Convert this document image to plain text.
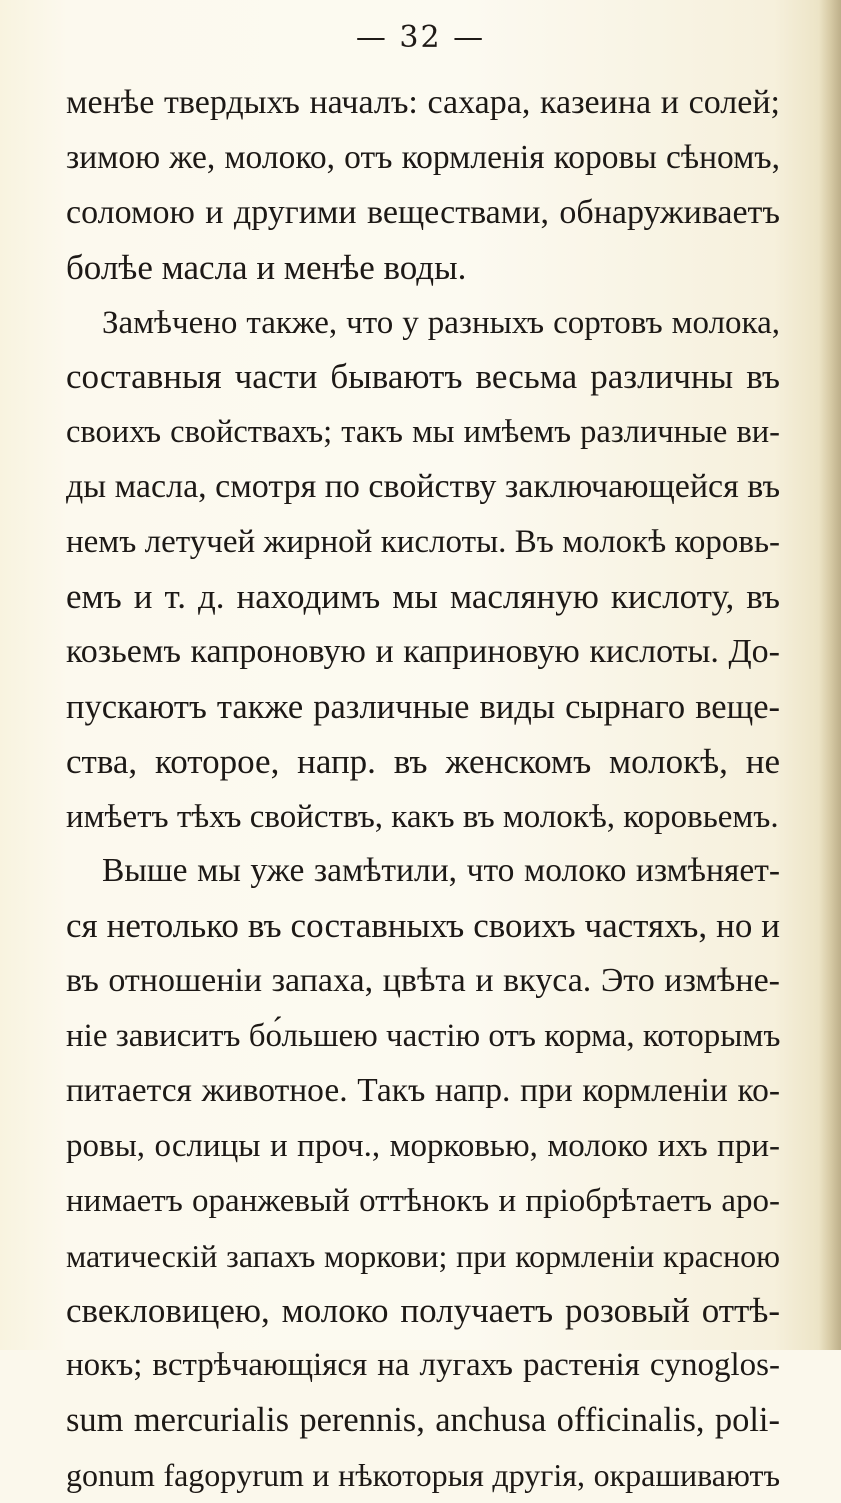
— 32 —
менѣе твердыхъ началъ: сахара, казеина и солей;
зимою же, молоко, отъ кормленія коровы сѣномъ,
соломою и другими веществами, обнаруживаетъ
болѣе масла и менѣе воды.
Замѣчено также, что у разныхъ сортовъ молока,
составныя части бываютъ весьма различны въ
своихъ свойствахъ; такъ мы имѣемъ различные ви-
ды масла, смотря по свойству заключающейся въ
немъ летучей жирной кислоты. Въ молокѣ коровь-
емъ и т. д. находимъ мы масляную кислоту, въ
козьемъ капроновую и каприновую кислоты. До-
пускаютъ также различные виды сырнаго веще-
ства, которое, напр. въ женскомъ молокѣ, не
имѣетъ тѣхъ свойствъ, какъ въ молокѣ, коровьемъ.
Выше мы уже замѣтили, что молоко измѣняет-
ся нетолько въ составныхъ своихъ частяхъ, но и
въ отношеніи запаха, цвѣта и вкуса. Это измѣне-
ніе зависитъ бо́льшею частію отъ корма, которымъ
питается животное. Такъ напр. при кормленіи ко-
ровы, ослицы и проч., морковью, молоко ихъ при-
нимаетъ оранжевый оттѣнокъ и пріобрѣтаетъ аро-
матическій запахъ моркови; при кормленіи красною
свекловицею, молоко получаетъ розовый оттѣ-
нокъ; встрѣчающіяся на лугахъ растенія cynoglos-
sum mercurialis perennis, anchusa officinalis, poli-
gonum fagopyrum и нѣкоторыя другія, окрашиваютъ
